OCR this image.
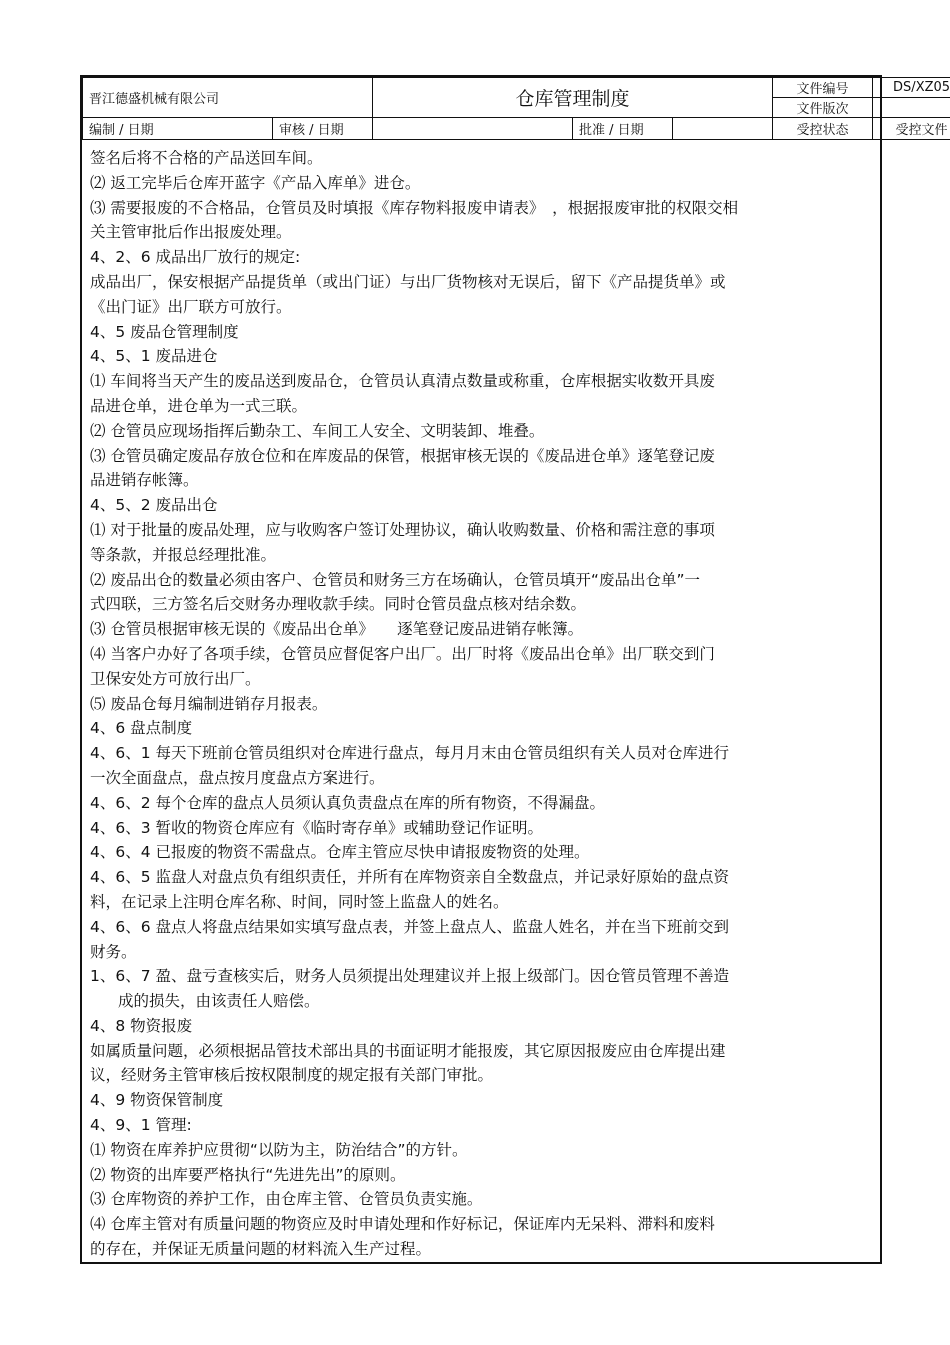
晋江德盛机械有限公司		仓库管理制度			文件编号	DS/XZ05
					文件版次	
编制 / 日期	审核 / 日期		批准 / 日期		受控状态	受控文件

签名后将不合格的产品送回车间。

⑵ 返工完毕后仓库开蓝字《产品入库单》进仓。

⑶ 需要报废的不合格品，仓管员及时填报《库存物料报废申请表》　，根据报废审批的权限交相

关主管审批后作出报废处理。

4、2、6 成品出厂放行的规定:

成品出厂，保安根据产品提货单（或出门证）与出厂货物核对无误后，留下《产品提货单》或

《出门证》出厂联方可放行。

4、5 废品仓管理制度

4、5、1 废品进仓

⑴ 车间将当天产生的废品送到废品仓，仓管员认真清点数量或称重，仓库根据实收数开具废

品进仓单，进仓单为一式三联。

⑵ 仓管员应现场指挥后勤杂工、车间工人安全、文明装卸、堆叠。

⑶ 仓管员确定废品存放仓位和在库废品的保管，根据审核无误的《废品进仓单》逐笔登记废

品进销存帐簿。

4、5、2 废品出仓

⑴ 对于批量的废品处理，应与收购客户签订处理协议，确认收购数量、价格和需注意的事项

等条款，并报总经理批准。

⑵ 废品出仓的数量必须由客户、仓管员和财务三方在场确认，仓管员填开“废品出仓单”一

式四联，三方签名后交财务办理收款手续。同时仓管员盘点核对结余数。

⑶ 仓管员根据审核无误的《废品出仓单》　　逐笔登记废品进销存帐簿。

⑷ 当客户办好了各项手续，仓管员应督促客户出厂。出厂时将《废品出仓单》出厂联交到门

卫保安处方可放行出厂。

⑸ 废品仓每月编制进销存月报表。

4、6 盘点制度

4、6、1 每天下班前仓管员组织对仓库进行盘点，每月月末由仓管员组织有关人员对仓库进行

一次全面盘点，盘点按月度盘点方案进行。

4、6、2 每个仓库的盘点人员须认真负责盘点在库的所有物资，不得漏盘。

4、6、3 暂收的物资仓库应有《临时寄存单》或辅助登记作证明。

4、6、4 已报废的物资不需盘点。仓库主管应尽快申请报废物资的处理。

4、6、5 监盘人对盘点负有组织责任，并所有在库物资亲自全数盘点，并记录好原始的盘点资

料，在记录上注明仓库名称、时间，同时签上监盘人的姓名。

4、6、6 盘点人将盘点结果如实填写盘点表，并签上盘点人、监盘人姓名，并在当下班前交到

财务。

1、6、7 盈、盘亏查核实后，财务人员须提出处理建议并上报上级部门。因仓管员管理不善造

成的损失，由该责任人赔偿。

4、8 物资报废

如属质量问题，必须根据品管技术部出具的书面证明才能报废，其它原因报废应由仓库提出建

议，经财务主管审核后按权限制度的规定报有关部门审批。

4、9 物资保管制度

4、9、1 管理:

⑴ 物资在库养护应贯彻“以防为主，防治结合”的方针。

⑵ 物资的出库要严格执行“先进先出”的原则。

⑶ 仓库物资的养护工作，由仓库主管、仓管员负责实施。

⑷ 仓库主管对有质量问题的物资应及时申请处理和作好标记，保证库内无呆料、滞料和废料

的存在，并保证无质量问题的材料流入生产过程。
